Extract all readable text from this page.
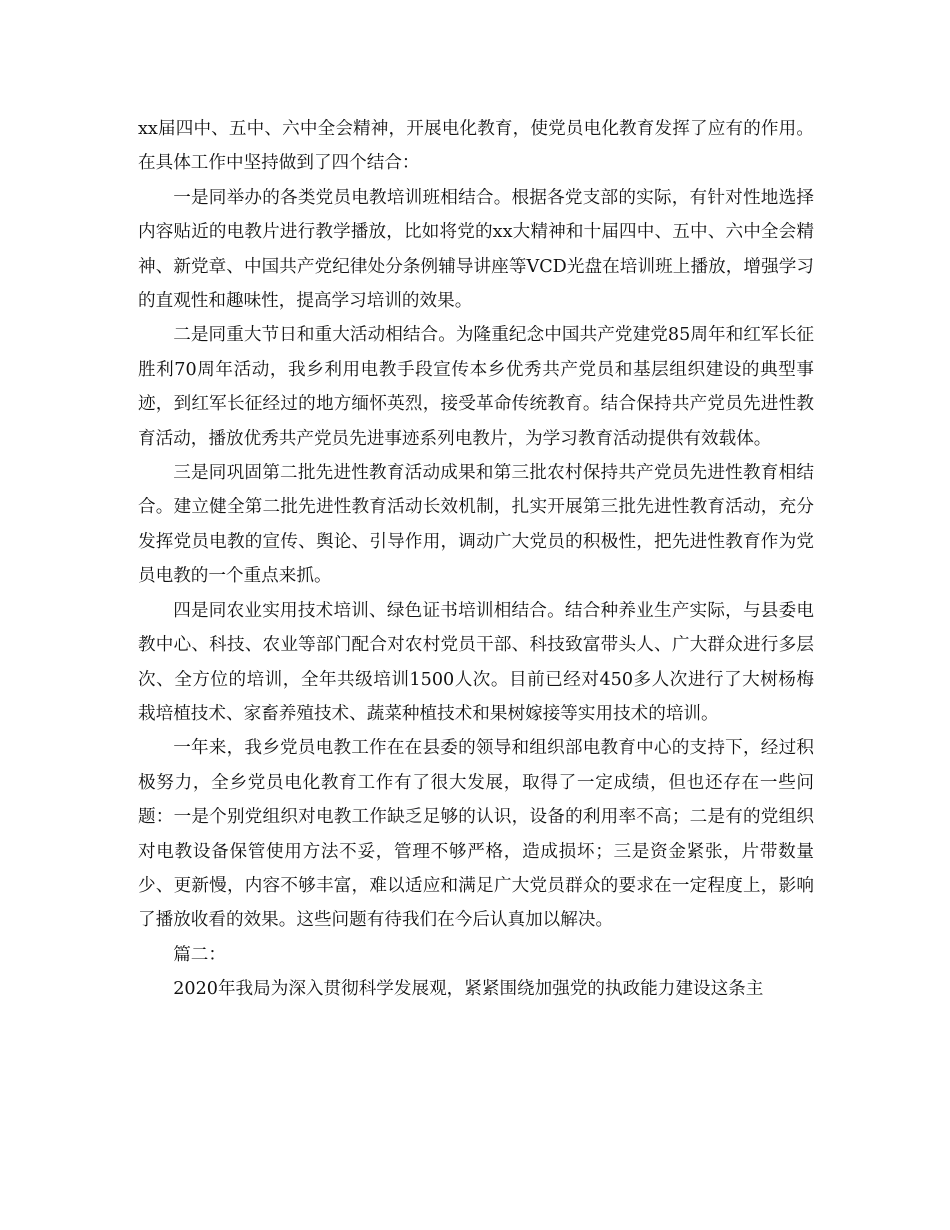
xx届四中、五中、六中全会精神，开展电化教育，使党员电化教育发挥了应有的作用。在具体工作中坚持做到了四个结合：

一是同举办的各类党员电教培训班相结合。根据各党支部的实际，有针对性地选择内容贴近的电教片进行教学播放，比如将党的xx大精神和十届四中、五中、六中全会精神、新党章、中国共产党纪律处分条例辅导讲座等VCD光盘在培训班上播放，增强学习的直观性和趣味性，提高学习培训的效果。

二是同重大节日和重大活动相结合。为隆重纪念中国共产党建党85周年和红军长征胜利70周年活动，我乡利用电教手段宣传本乡优秀共产党员和基层组织建设的典型事迹，到红军长征经过的地方缅怀英烈，接受革命传统教育。结合保持共产党员先进性教育活动，播放优秀共产党员先进事迹系列电教片，为学习教育活动提供有效载体。

三是同巩固第二批先进性教育活动成果和第三批农村保持共产党员先进性教育相结合。建立健全第二批先进性教育活动长效机制，扎实开展第三批先进性教育活动，充分发挥党员电教的宣传、舆论、引导作用，调动广大党员的积极性，把先进性教育作为党员电教的一个重点来抓。

四是同农业实用技术培训、绿色证书培训相结合。结合种养业生产实际，与县委电教中心、科技、农业等部门配合对农村党员干部、科技致富带头人、广大群众进行多层次、全方位的培训，全年共级培训1500人次。目前已经对450多人次进行了大树杨梅栽培植技术、家畜养殖技术、蔬菜种植技术和果树嫁接等实用技术的培训。

一年来，我乡党员电教工作在在县委的领导和组织部电教育中心的支持下，经过积极努力，全乡党员电化教育工作有了很大发展，取得了一定成绩，但也还存在一些问题：一是个别党组织对电教工作缺乏足够的认识，设备的利用率不高；二是有的党组织对电教设备保管使用方法不妥，管理不够严格，造成损坏；三是资金紧张，片带数量少、更新慢，内容不够丰富，难以适应和满足广大党员群众的要求在一定程度上，影响了播放收看的效果。这些问题有待我们在今后认真加以解决。

篇二：

2020年我局为深入贯彻科学发展观，紧紧围绕加强党的执政能力建设这条主
